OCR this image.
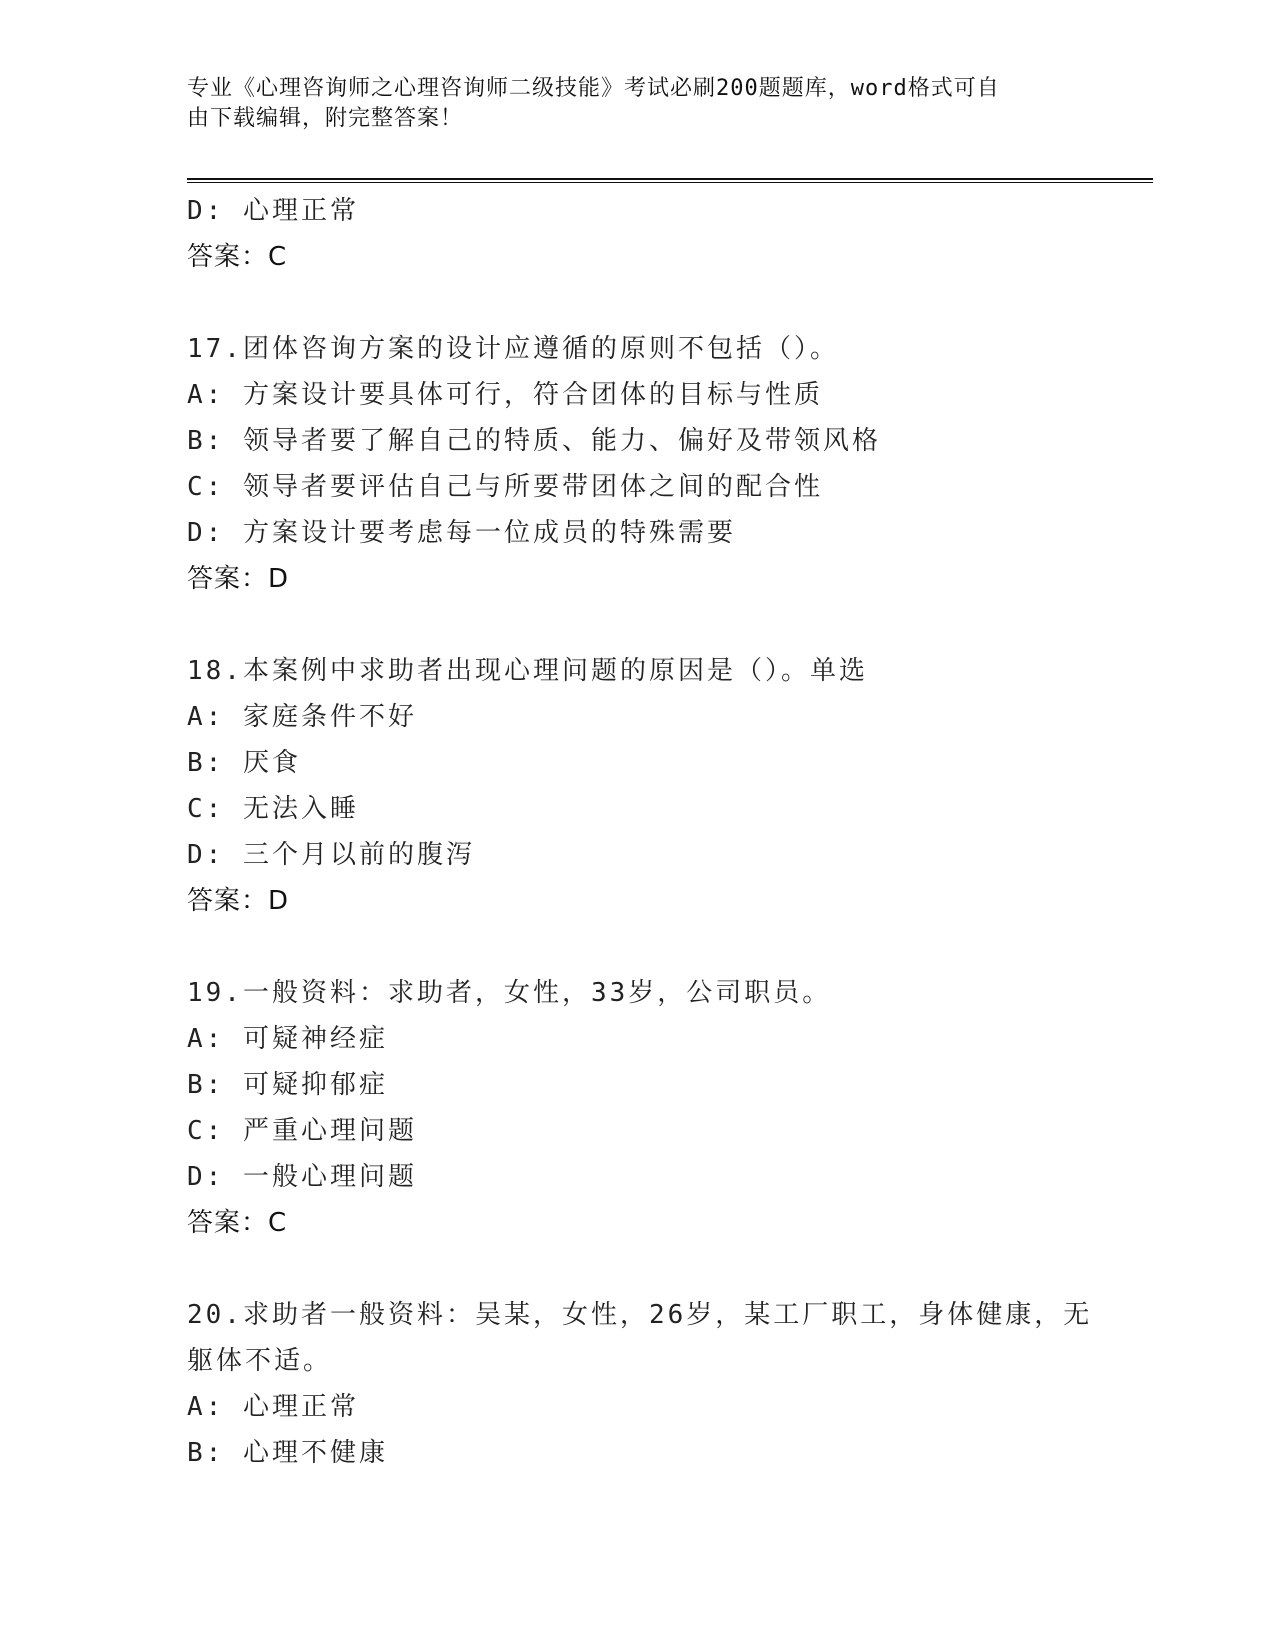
专业《心理咨询师之心理咨询师二级技能》考试必刷200题题库，word格式可自
由下载编辑，附完整答案！
D: 心理正常
答案：C
17.团体咨询方案的设计应遵循的原则不包括（）。
A: 方案设计要具体可行，符合团体的目标与性质
B: 领导者要了解自己的特质、能力、偏好及带领风格
C: 领导者要评估自己与所要带团体之间的配合性
D: 方案设计要考虑每一位成员的特殊需要
答案：D
18.本案例中求助者出现心理问题的原因是（）。单选
A: 家庭条件不好
B: 厌食
C: 无法入睡
D: 三个月以前的腹泻
答案：D
19.一般资料：求助者，女性，33岁，公司职员。
A: 可疑神经症
B: 可疑抑郁症
C: 严重心理问题
D: 一般心理问题
答案：C
20.求助者一般资料：吴某，女性，26岁，某工厂职工，身体健康，无
躯体不适。
A: 心理正常
B: 心理不健康
